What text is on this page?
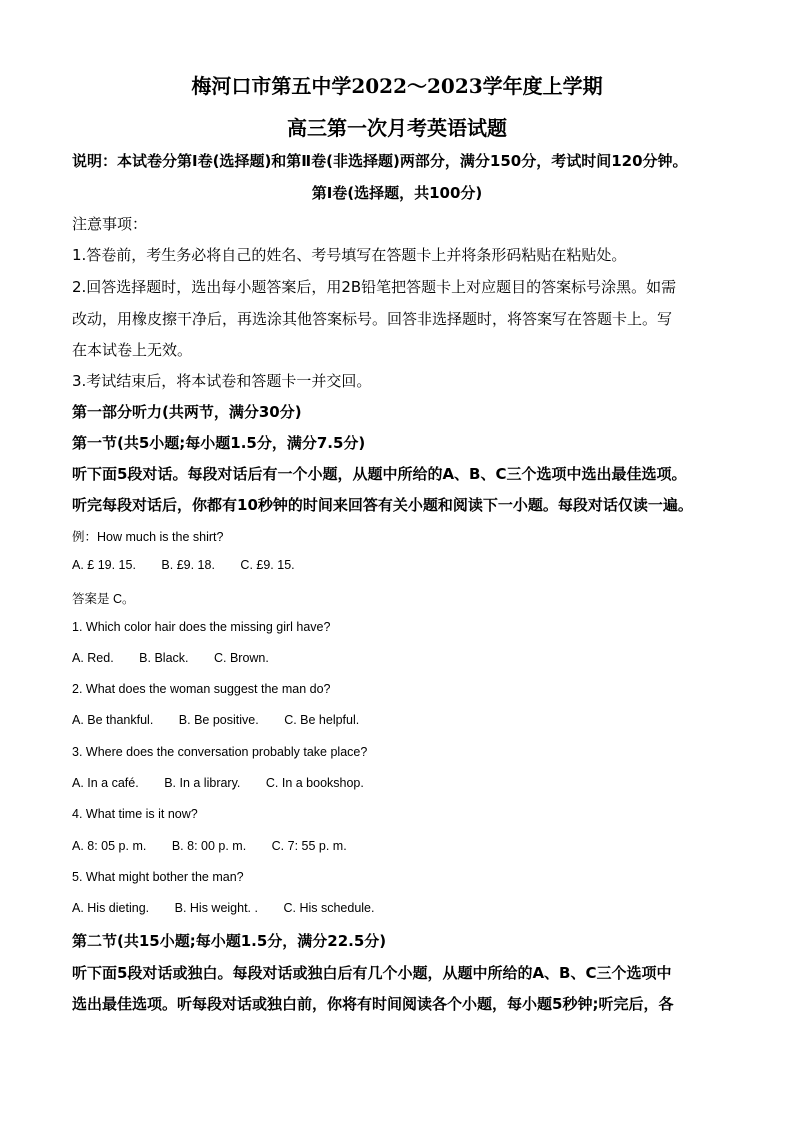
梅河口市第五中学2022～2023学年度上学期
高三第一次月考英语试题
说明：本试卷分第Ⅰ卷(选择题)和第Ⅱ卷(非选择题)两部分，满分150分，考试时间120分钟。
第Ⅰ卷(选择题，共100分)
注意事项：
1.答卷前，考生务必将自己的姓名、考号填写在答题卡上并将条形码粘贴在粘贴处。
2.回答选择题时，选出每小题答案后，用2B铅笔把答题卡上对应题目的答案标号涂黑。如需
改动，用橡皮擦干净后，再选涂其他答案标号。回答非选择题时，将答案写在答题卡上。写
在本试卷上无效。
3.考试结束后，将本试卷和答题卡一并交回。
第一部分听力(共两节，满分30分)
第一节(共5小题;每小题1.5分，满分7.5分)
听下面5段对话。每段对话后有一个小题，从题中所给的A、B、C三个选项中选出最佳选项。
听完每段对话后，你都有10秒钟的时间来回答有关小题和阅读下一小题。每段对话仅读一遍。
例：How much is the shirt?
A. £ 19. 15. B. £9. 18. C. £9. 15.
答案是 C。
1. Which color hair does the missing girl have?
A. Red. B. Black. C. Brown.
2. What does the woman suggest the man do?
A. Be thankful. B. Be positive. C. Be helpful.
3. Where does the conversation probably take place?
A. In a café. B. In a library. C. In a bookshop.
4. What time is it now?
A. 8: 05 p. m. B. 8: 00 p. m. C. 7: 55 p. m.
5. What might bother the man?
A. His dieting. B. His weight. . C. His schedule.
第二节(共15小题;每小题1.5分，满分22.5分)
听下面5段对话或独白。每段对话或独白后有几个小题，从题中所给的A、B、C三个选项中
选出最佳选项。听每段对话或独白前，你将有时间阅读各个小题，每小题5秒钟;听完后，各
